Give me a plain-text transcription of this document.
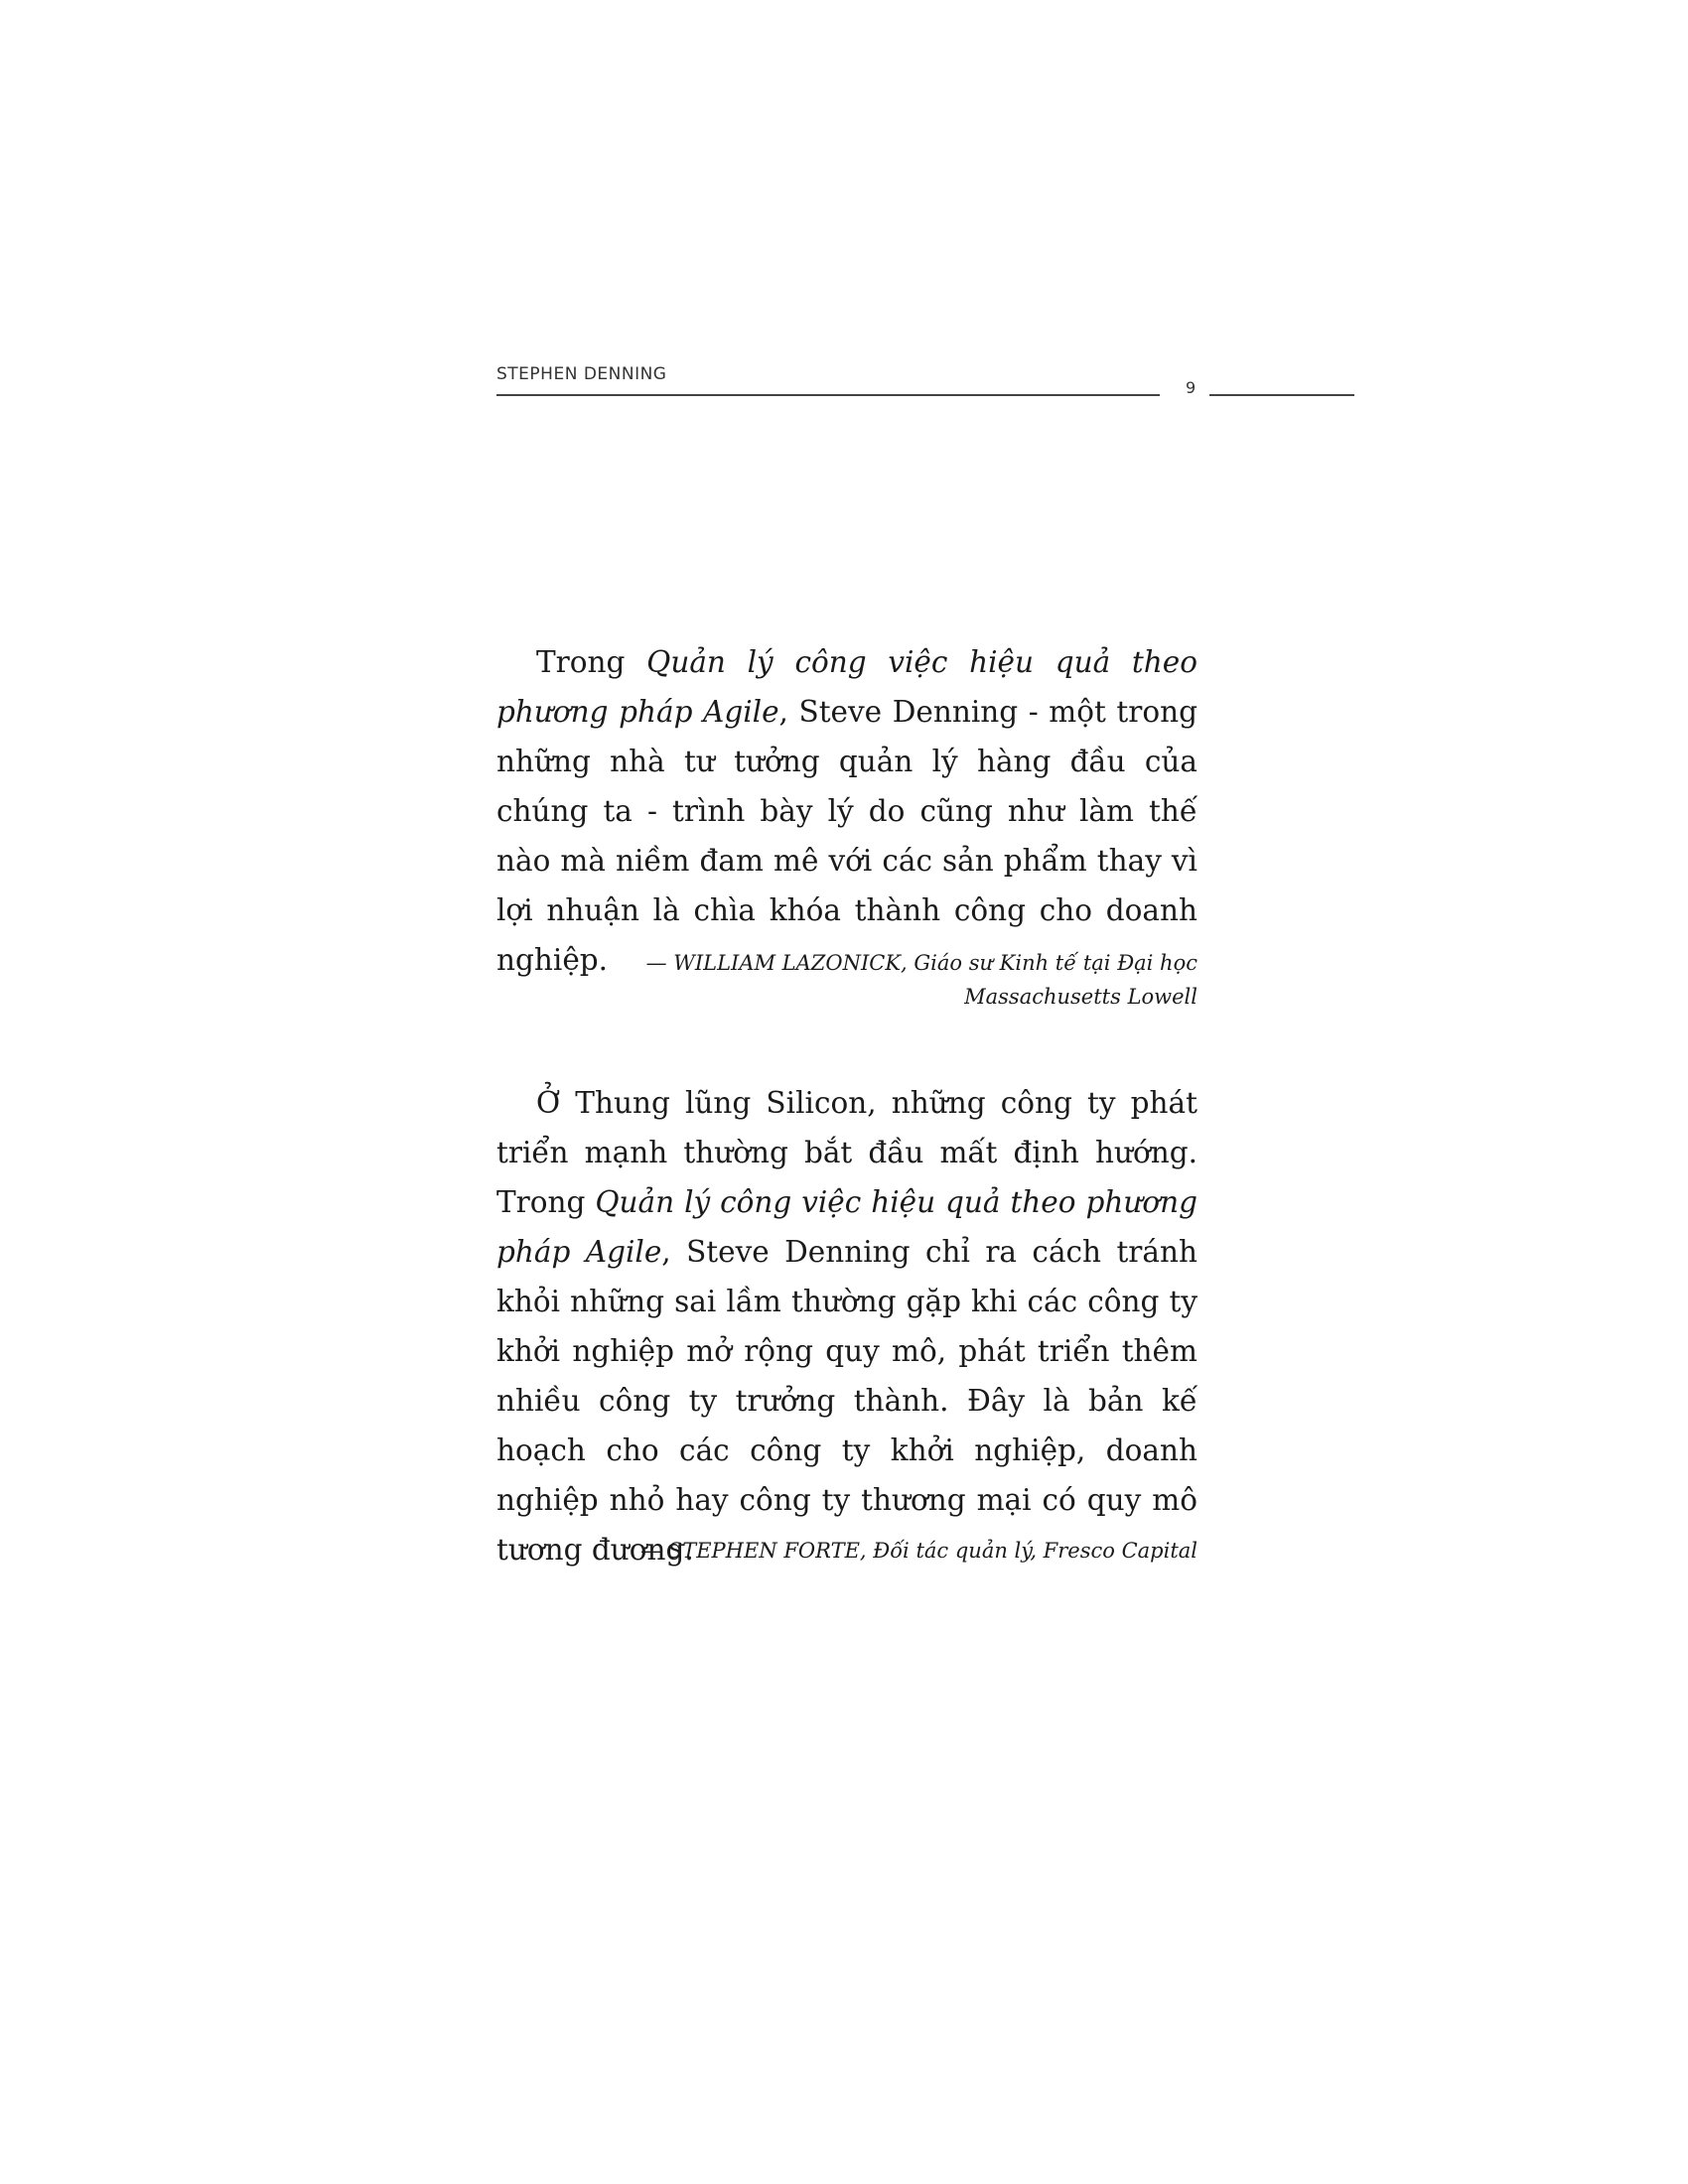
STEPHEN DENNING
9

Trong Quản lý công việc hiệu quả theo phương pháp Agile, Steve Denning - một trong những nhà tư tưởng quản lý hàng đầu của chúng ta - trình bày lý do cũng như làm thế nào mà niềm đam mê với các sản phẩm thay vì lợi nhuận là chìa khóa thành công cho doanh nghiệp.	— WILLIAM LAZONICK, Giáo sư Kinh tế tại Đại học
Massachusetts Lowell

Ở Thung lũng Silicon, những công ty phát triển mạnh thường bắt đầu mất định hướng. Trong Quản lý công việc hiệu quả theo phương pháp Agile, Steve Denning chỉ ra cách tránh khỏi những sai lầm thường gặp khi các công ty khởi nghiệp mở rộng quy mô, phát triển thêm nhiều công ty trưởng thành. Đây là bản kế hoạch cho các công ty khởi nghiệp, doanh nghiệp nhỏ hay công ty thương mại có quy mô tương đương.

— STEPHEN FORTE, Đối tác quản lý, Fresco Capital
